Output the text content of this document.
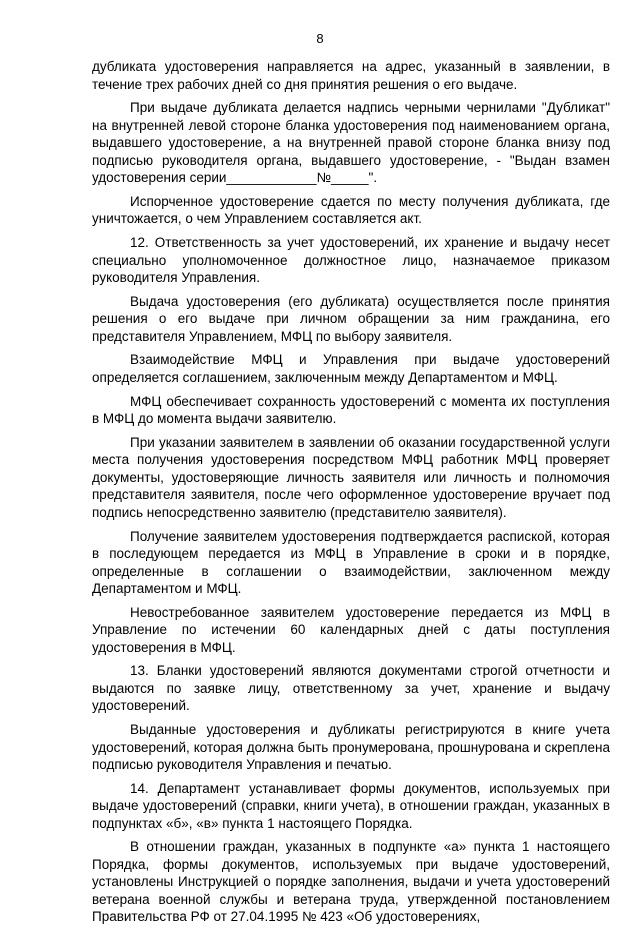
8

дубликата удостоверения направляется на адрес, указанный в заявлении, в течение трех рабочих дней со дня принятия решения о его выдаче.

При выдаче дубликата делается надпись черными чернилами "Дубликат" на внутренней левой стороне бланка удостоверения под наименованием органа, выдавшего удостоверение, а на внутренней правой стороне бланка внизу под подписью руководителя органа, выдавшего удостоверение, - "Выдан взамен удостоверения серии____________№_____".

Испорченное удостоверение сдается по месту получения дубликата, где уничтожается, о чем Управлением составляется акт.

12. Ответственность за учет удостоверений, их хранение и выдачу несет специально уполномоченное должностное лицо, назначаемое приказом руководителя Управления.

Выдача удостоверения (его дубликата) осуществляется после принятия решения о его выдаче при личном обращении за ним гражданина, его представителя Управлением, МФЦ по выбору заявителя.

Взаимодействие МФЦ и Управления при выдаче удостоверений определяется соглашением, заключенным между Департаментом и МФЦ.

МФЦ обеспечивает сохранность удостоверений с момента их поступления в МФЦ до момента выдачи заявителю.

При указании заявителем в заявлении об оказании государственной услуги места получения удостоверения посредством МФЦ работник МФЦ проверяет документы, удостоверяющие личность заявителя или личность и полномочия представителя заявителя, после чего оформленное удостоверение вручает под подпись непосредственно заявителю (представителю заявителя).

Получение заявителем удостоверения подтверждается распиской, которая в последующем передается из МФЦ в Управление в сроки и в порядке, определенные в соглашении о взаимодействии, заключенном между Департаментом и МФЦ.

Невостребованное заявителем удостоверение передается из МФЦ в Управление по истечении 60 календарных дней с даты поступления удостоверения в МФЦ.

13. Бланки удостоверений являются документами строгой отчетности и выдаются по заявке лицу, ответственному за учет, хранение и выдачу удостоверений.

Выданные удостоверения и дубликаты регистрируются в книге учета удостоверений, которая должна быть пронумерована, прошнурована и скреплена подписью руководителя Управления и печатью.

14. Департамент устанавливает формы документов, используемых при выдаче удостоверений (справки, книги учета), в отношении граждан, указанных в подпунктах «б», «в» пункта 1 настоящего Порядка.

В отношении граждан, указанных в подпункте «а» пункта 1 настоящего Порядка, формы документов, используемых при выдаче удостоверений, установлены Инструкцией о порядке заполнения, выдачи и учета удостоверений ветерана военной службы и ветерана труда, утвержденной постановлением Правительства РФ от 27.04.1995 № 423 «Об удостоверениях,
